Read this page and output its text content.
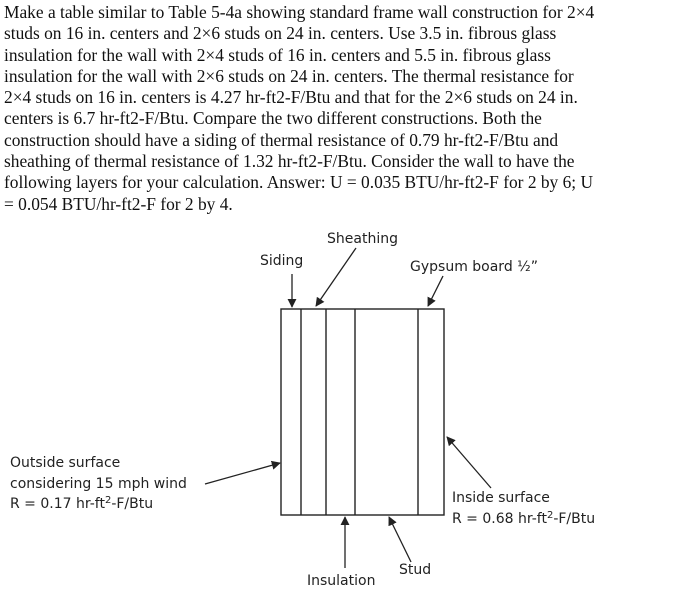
Make a table similar to Table 5-4a showing standard frame wall construction for 2×4
studs on 16 in. centers and 2×6 studs on 24 in. centers. Use 3.5 in. fibrous glass
insulation for the wall with 2×4 studs of 16 in. centers and 5.5 in. fibrous glass
insulation for the wall with 2×6 studs on 24 in. centers. The thermal resistance for
2×4 studs on 16 in. centers is 4.27 hr-ft2-F/Btu and that for the 2×6 studs on 24 in.
centers is 6.7 hr-ft2-F/Btu. Compare the two different constructions. Both the
construction should have a siding of thermal resistance of 0.79 hr-ft2-F/Btu and
sheathing of thermal resistance of 1.32 hr-ft2-F/Btu. Consider the wall to have the
following layers for your calculation. Answer: U = 0.035 BTU/hr-ft2-F for 2 by 6; U
= 0.054 BTU/hr-ft2-F for 2 by 4.
Sheathing
Siding	Gypsum board ½”
Outside surface
considering 15 mph wind
R = 0.17 $hr-ft^2-F$/Btu	Inside surface
R = 0.68 $hr-ft^2-F$/Btu
Stud
Insulation
